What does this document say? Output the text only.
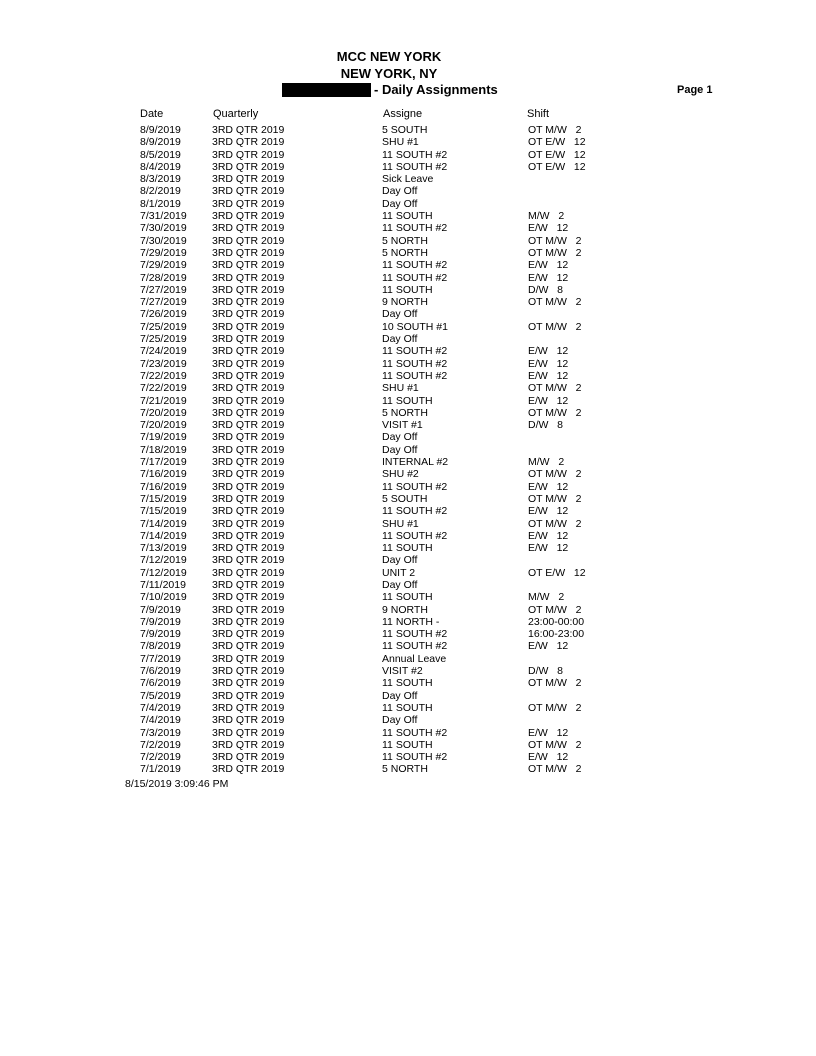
MCC NEW YORK
NEW YORK, NY
- Daily Assignments	Page 1
Date	Quarterly	Assigne	Shift
8/9/2019	3RD QTR 2019	5 SOUTH	OT M/W   2
8/9/2019	3RD QTR 2019	SHU #1	OT E/W   12
8/5/2019	3RD QTR 2019	11 SOUTH #2	OT E/W   12
8/4/2019	3RD QTR 2019	11 SOUTH #2	OT E/W   12
8/3/2019	3RD QTR 2019	Sick Leave
8/2/2019	3RD QTR 2019	Day Off
8/1/2019	3RD QTR 2019	Day Off
7/31/2019 3RD QTR 2019	11 SOUTH	M/W   2
7/30/2019 3RD QTR 2019	11 SOUTH #2	E/W   12
7/30/2019 3RD QTR 2019	5 NORTH	OT M/W   2
7/29/2019 3RD QTR 2019	5 NORTH	OT M/W   2
7/29/2019 3RD QTR 2019	11 SOUTH #2	E/W   12
7/28/2019 3RD QTR 2019	11 SOUTH #2	E/W   12
7/27/2019 3RD QTR 2019	11 SOUTH	D/W   8
7/27/2019 3RD QTR 2019	9 NORTH	OT M/W   2
7/26/2019 3RD QTR 2019	Day Off
7/25/2019 3RD QTR 2019	10 SOUTH #1	OT M/W   2
7/25/2019 3RD QTR 2019	Day Off
7/24/2019 3RD QTR 2019	11 SOUTH #2	E/W   12
7/23/2019 3RD QTR 2019	11 SOUTH #2	E/W   12
7/22/2019 3RD QTR 2019	11 SOUTH #2	E/W   12
7/22/2019 3RD QTR 2019	SHU #1	OT M/W   2
7/21/2019 3RD QTR 2019	11 SOUTH	E/W   12
7/20/2019 3RD QTR 2019	5 NORTH	OT M/W   2
7/20/2019 3RD QTR 2019	VISIT #1	D/W   8
7/19/2019 3RD QTR 2019	Day Off
7/18/2019 3RD QTR 2019	Day Off
7/17/2019 3RD QTR 2019	INTERNAL #2	M/W   2
7/16/2019 3RD QTR 2019	SHU #2	OT M/W   2
7/16/2019 3RD QTR 2019	11 SOUTH #2	E/W   12
7/15/2019 3RD QTR 2019	5 SOUTH	OT M/W   2
7/15/2019 3RD QTR 2019	11 SOUTH #2	E/W   12
7/14/2019 3RD QTR 2019	SHU #1	OT M/W   2
7/14/2019 3RD QTR 2019	11 SOUTH #2	E/W   12
7/13/2019 3RD QTR 2019	11 SOUTH	E/W   12
7/12/2019 3RD QTR 2019	Day Off
7/12/2019 3RD QTR 2019	UNIT 2	OT E/W   12
7/11/2019 3RD QTR 2019	Day Off
7/10/2019 3RD QTR 2019	11 SOUTH	M/W   2
7/9/2019	3RD QTR 2019	9 NORTH	OT M/W   2
7/9/2019	3RD QTR 2019	11 NORTH -	23:00-00:00
7/9/2019	3RD QTR 2019	11 SOUTH #2	16:00-23:00
7/8/2019	3RD QTR 2019	11 SOUTH #2	E/W   12
7/7/2019	3RD QTR 2019	Annual Leave
7/6/2019	3RD QTR 2019	VISIT #2	D/W   8
7/6/2019	3RD QTR 2019	11 SOUTH	OT M/W   2
7/5/2019	3RD QTR 2019	Day Off
7/4/2019	3RD QTR 2019	11 SOUTH	OT M/W   2
7/4/2019	3RD QTR 2019	Day Off
7/3/2019	3RD QTR 2019	11 SOUTH #2	E/W   12
7/2/2019	3RD QTR 2019	11 SOUTH	OT M/W   2
7/2/2019	3RD QTR 2019	11 SOUTH #2	E/W   12
7/1/2019	3RD QTR 2019	5 NORTH	OT M/W   2
8/15/2019 3:09:46 PM
